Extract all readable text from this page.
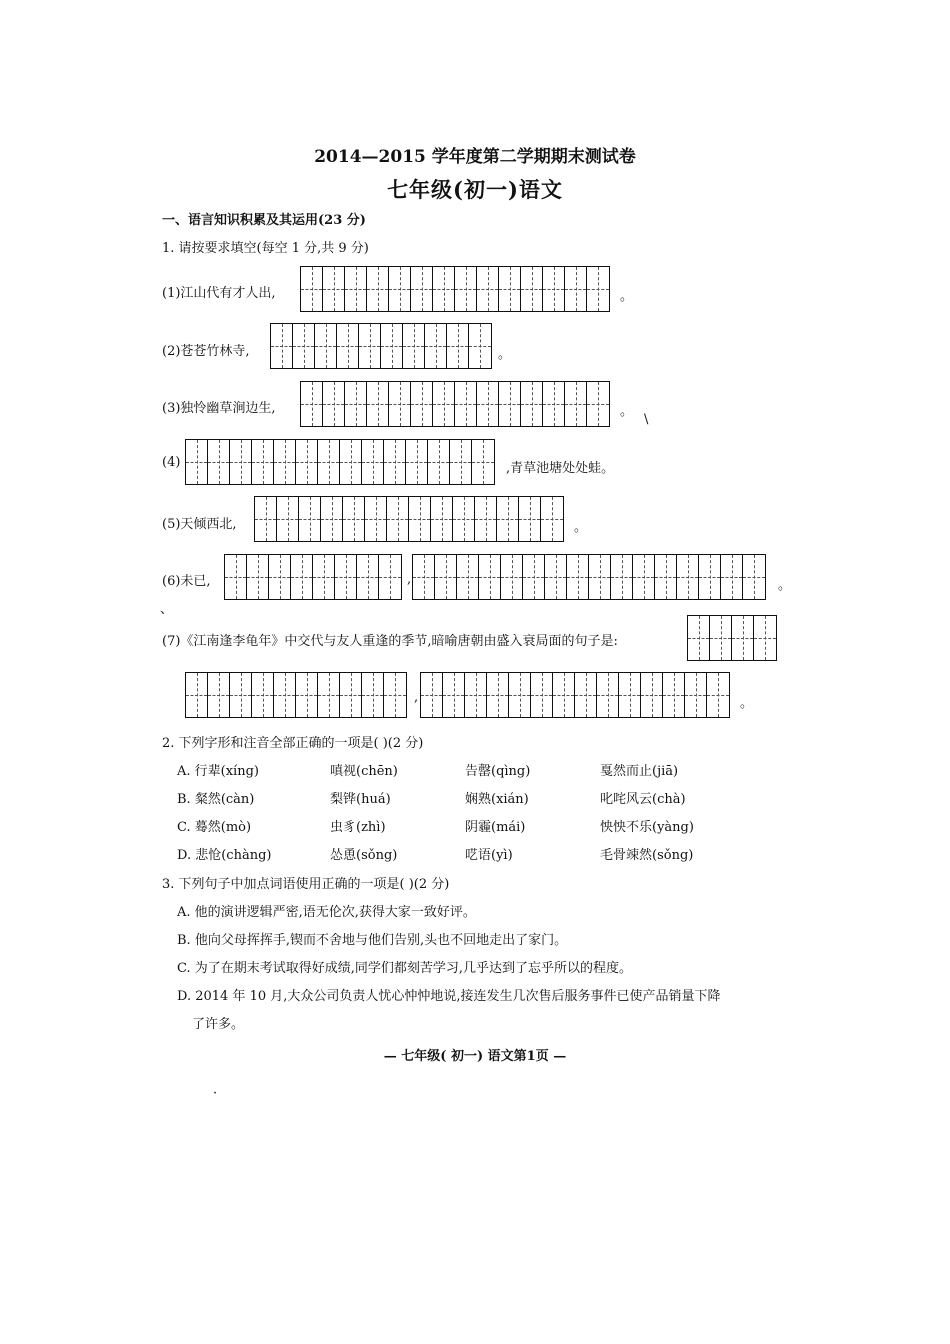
2014—2015 学年度第二学期期末测试卷
七年级(初一)语文
一、语言知识积累及其运用(23 分)
1. 请按要求填空(每空 1 分,共 9 分)
(1)江山代有才人出,	。
(2)苍苍竹林寺,	。
(3)独怜幽草涧边生,	。
(4)	,青草池塘处处蛙。
(5)天倾西北,	。
(6)未已,	,	。
(7)《江南逢李龟年》中交代与友人重逢的季节,暗喻唐朝由盛入衰局面的句子是:
,	。
2. 下列字形和注音全部正确的一项是( )(2 分)
A. 行辈(xíng)	嗔视(chēn)	告罄(qìng)	戛然而止(jiā)
B. 粲然(càn)	梨铧(huá)	娴熟(xián)	叱咤风云(chà)
C. 蓦然(mò)	虫豸(zhì)	阴霾(mái)	怏怏不乐(yàng)
D. 悲怆(chàng)	怂恿(sǒng)	呓语(yì)	毛骨竦然(sǒng)
3. 下列句子中加点词语使用正确的一项是( )(2 分)
A. 他的演讲逻辑严密,语无伦次,获得大家一致好评。
B. 他向父母挥挥手,锲而不舍地与他们告别,头也不回地走出了家门。
C. 为了在期末考试取得好成绩,同学们都刻苦学习,几乎达到了忘乎所以的程度。
D. 2014 年 10 月,大众公司负责人忧心忡忡地说,接连发生几次售后服务事件已使产品销量下降
了许多。
— 七年级( 初一) 语文第1页 —
\
、
·
